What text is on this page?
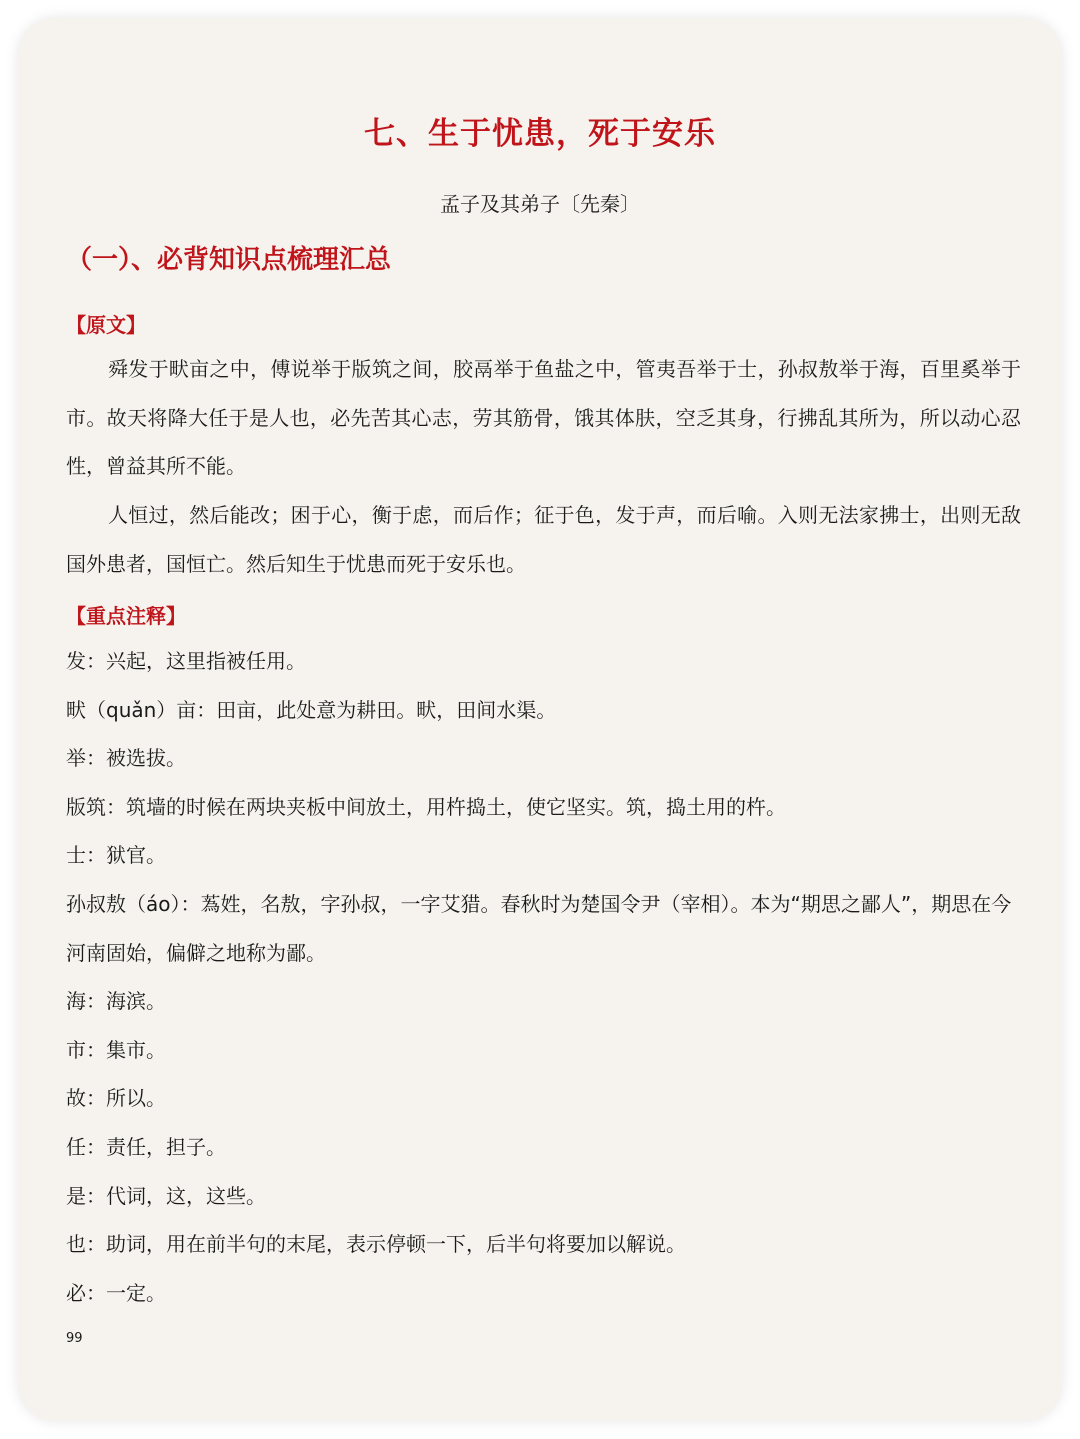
七、生于忧患，死于安乐
孟子及其弟子〔先秦〕
（一）、必背知识点梳理汇总
【原文】

舜发于畎亩之中，傅说举于版筑之间，胶鬲举于鱼盐之中，管夷吾举于士，孙叔敖举于海，百里奚举于市。故天将降大任于是人也，必先苦其心志，劳其筋骨，饿其体肤，空乏其身，行拂乱其所为，所以动心忍性，曾益其所不能。

人恒过，然后能改；困于心，衡于虑，而后作；征于色，发于声，而后喻。入则无法家拂士，出则无敌国外患者，国恒亡。然后知生于忧患而死于安乐也。

【重点注释】
发：兴起，这里指被任用。
畎（quǎn）亩：田亩，此处意为耕田。畎，田间水渠。
举：被选拔。
版筑：筑墙的时候在两块夹板中间放土，用杵捣土，使它坚实。筑，捣土用的杵。
士：狱官。
孙叔敖（áo）：蒍姓，名敖，字孙叔，一字艾猎。春秋时为楚国令尹（宰相）。本为“期思之鄙人”，期思在今河南固始，偏僻之地称为鄙。
海：海滨。
市：集市。
故：所以。
任：责任，担子。
是：代词，这，这些。
也：助词，用在前半句的末尾，表示停顿一下，后半句将要加以解说。
必：一定。
99
